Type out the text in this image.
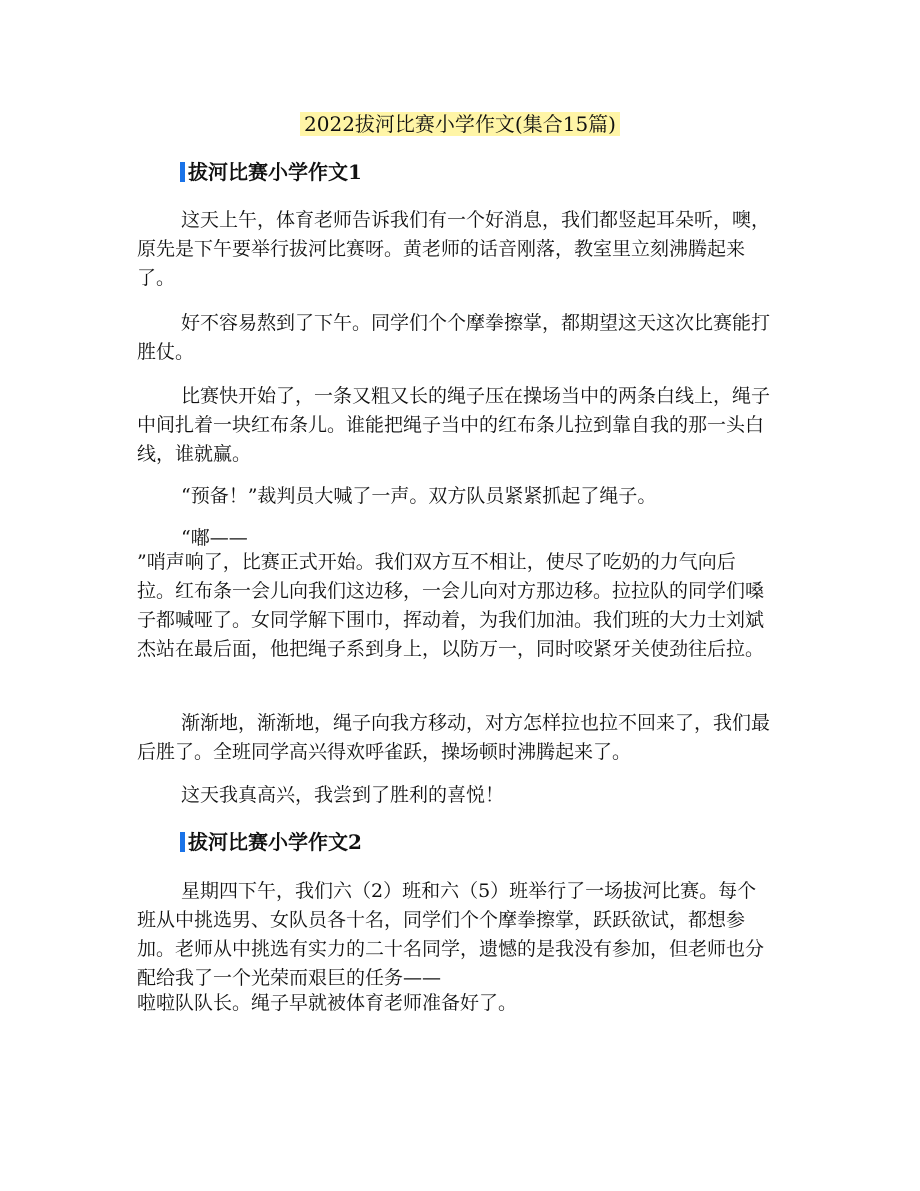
2022拔河比赛小学作文(集合15篇)
拔河比赛小学作文1

这天上午，体育老师告诉我们有一个好消息，我们都竖起耳朵听，噢，原先是下午要举行拔河比赛呀。黄老师的话音刚落，教室里立刻沸腾起来了。

好不容易熬到了下午。同学们个个摩拳擦掌，都期望这天这次比赛能打胜仗。

比赛快开始了，一条又粗又长的绳子压在操场当中的两条白线上，绳子中间扎着一块红布条儿。谁能把绳子当中的红布条儿拉到靠自我的那一头白线，谁就赢。

“预备！”裁判员大喊了一声。双方队员紧紧抓起了绳子。

“嘟——

”哨声响了，比赛正式开始。我们双方互不相让，使尽了吃奶的力气向后拉。红布条一会儿向我们这边移，一会儿向对方那边移。拉拉队的同学们嗓子都喊哑了。女同学解下围巾，挥动着，为我们加油。我们班的大力士刘斌杰站在最后面，他把绳子系到身上，以防万一，同时咬紧牙关使劲往后拉。

渐渐地，渐渐地，绳子向我方移动，对方怎样拉也拉不回来了，我们最后胜了。全班同学高兴得欢呼雀跃，操场顿时沸腾起来了。

这天我真高兴，我尝到了胜利的喜悦！

拔河比赛小学作文2

星期四下午，我们六（2）班和六（5）班举行了一场拔河比赛。每个班从中挑选男、女队员各十名，同学们个个摩拳擦掌，跃跃欲试，都想参加。老师从中挑选有实力的二十名同学，遗憾的是我没有参加，但老师也分配给我了一个光荣而艰巨的任务——

啦啦队队长。绳子早就被体育老师准备好了。
